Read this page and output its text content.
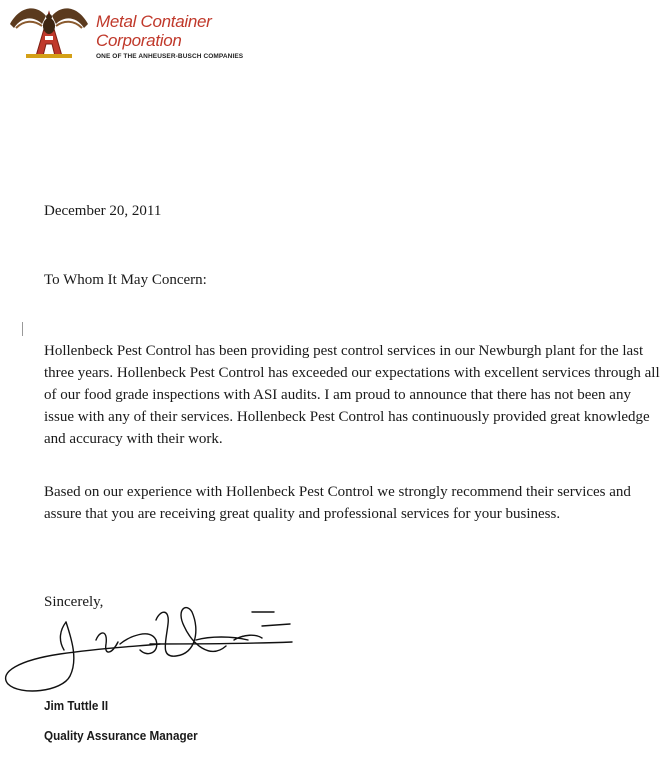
Metal Container
Corporation
ONE OF THE ANHEUSER-BUSCH COMPANIES
December 20, 2011
To Whom It May Concern:

Hollenbeck Pest Control has been providing pest control services in our Newburgh plant for the last three years. Hollenbeck Pest Control has exceeded our expectations with excellent services through all of our food grade inspections with ASI audits. I am proud to announce that there has not been any issue with any of their services. Hollenbeck Pest Control has continuously provided great knowledge and accuracy with their work.

Based on our experience with Hollenbeck Pest Control we strongly recommend their services and assure that you are receiving great quality and professional services for your business.

Sincerely,
Jim Tuttle II
Quality Assurance Manager
